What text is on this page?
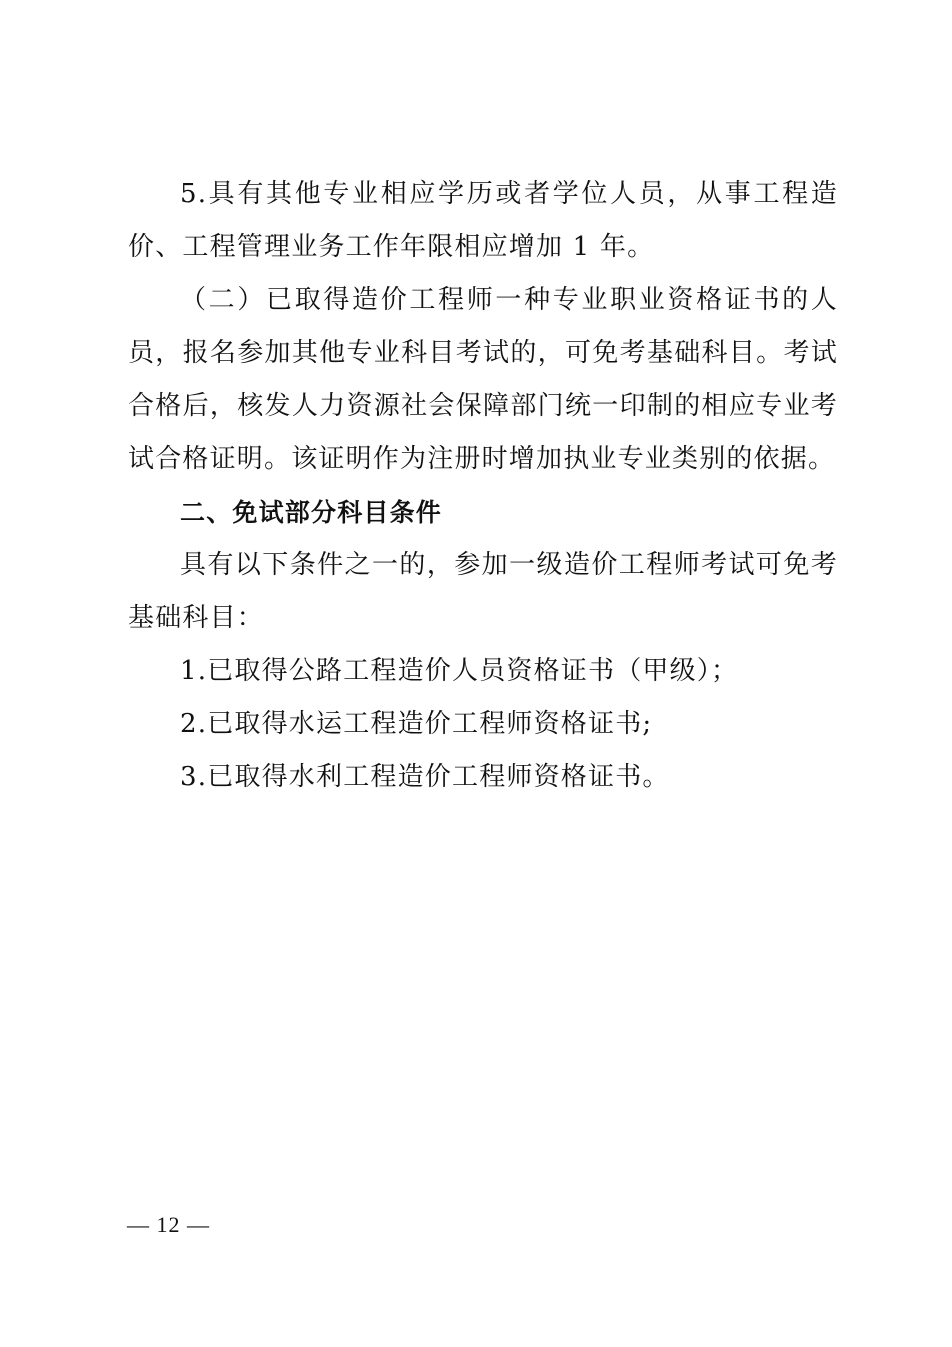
5.具有其他专业相应学历或者学位人员，从事工程造价、工程管理业务工作年限相应增加 1 年。

（二）已取得造价工程师一种专业职业资格证书的人员，报名参加其他专业科目考试的，可免考基础科目。考试合格后，核发人力资源社会保障部门统一印制的相应专业考试合格证明。该证明作为注册时增加执业专业类别的依据。

二、免试部分科目条件

具有以下条件之一的，参加一级造价工程师考试可免考基础科目：

1.已取得公路工程造价人员资格证书（甲级）；

2.已取得水运工程造价工程师资格证书;

3.已取得水利工程造价工程师资格证书。

— 12 —
